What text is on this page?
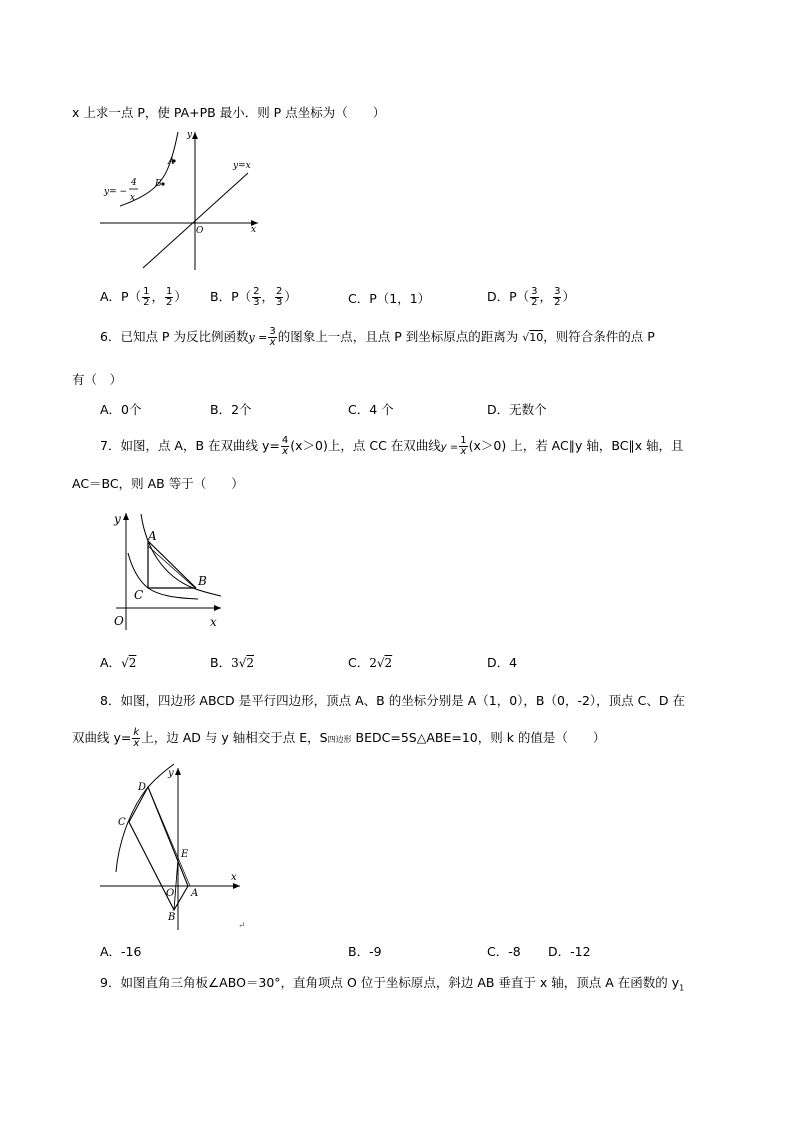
x 上求一点 P，使 PA+PB 最小．则 P 点坐标为（　　）
y
x
O
A
B
y=x
y= −
4
x
A．$P( \frac{1}{2}$ ， $\frac{1}{2}$ ） B．$P( \frac{2}{3}$ ， $\frac{2}{3}$ ）	C．P（1，1）	D．$P( \frac{3}{2}$ ， $\frac{3}{2}$ ）
6．已知点 P 为反比例函数$y = \frac{3}{x}$ 的图象上一点，且点 P 到坐标原点的距离为 √10，则符合条件的点 P
有（　）
A．0个	B．2个	C．4 个	D．无数个
7．如图，点 A，B 在双曲线 $y= \frac{4}{x} (x>0)$上，点 CC 在双曲线$y = \frac{1}{x} (x>0)$ 上，若 AC∥y 轴，BC∥x 轴，且
AC＝BC，则 AB 等于（　　）
y
x
O
A
B
C
A．√2	B．3√2	C．2√2	D．4
8．如图，四边形 ABCD 是平行四边形，顶点 A、B 的坐标分别是 A（1，0），B（0，-2），顶点 C、D 在
双曲线 $y= \frac{k}{x}$ 上，边 AD 与 y 轴相交于点 E，S四边形 BEDC=5S△ABE=10，则 k 的值是（　　）
y
x
O A
B
C
D
E
↵
A．-16	B．-9	C．-8 D．-12
9．如图直角三角板∠ABO＝30°，直角项点 O 位于坐标原点，斜边 AB 垂直于 x 轴，顶点 A 在函数的 $y_1$
